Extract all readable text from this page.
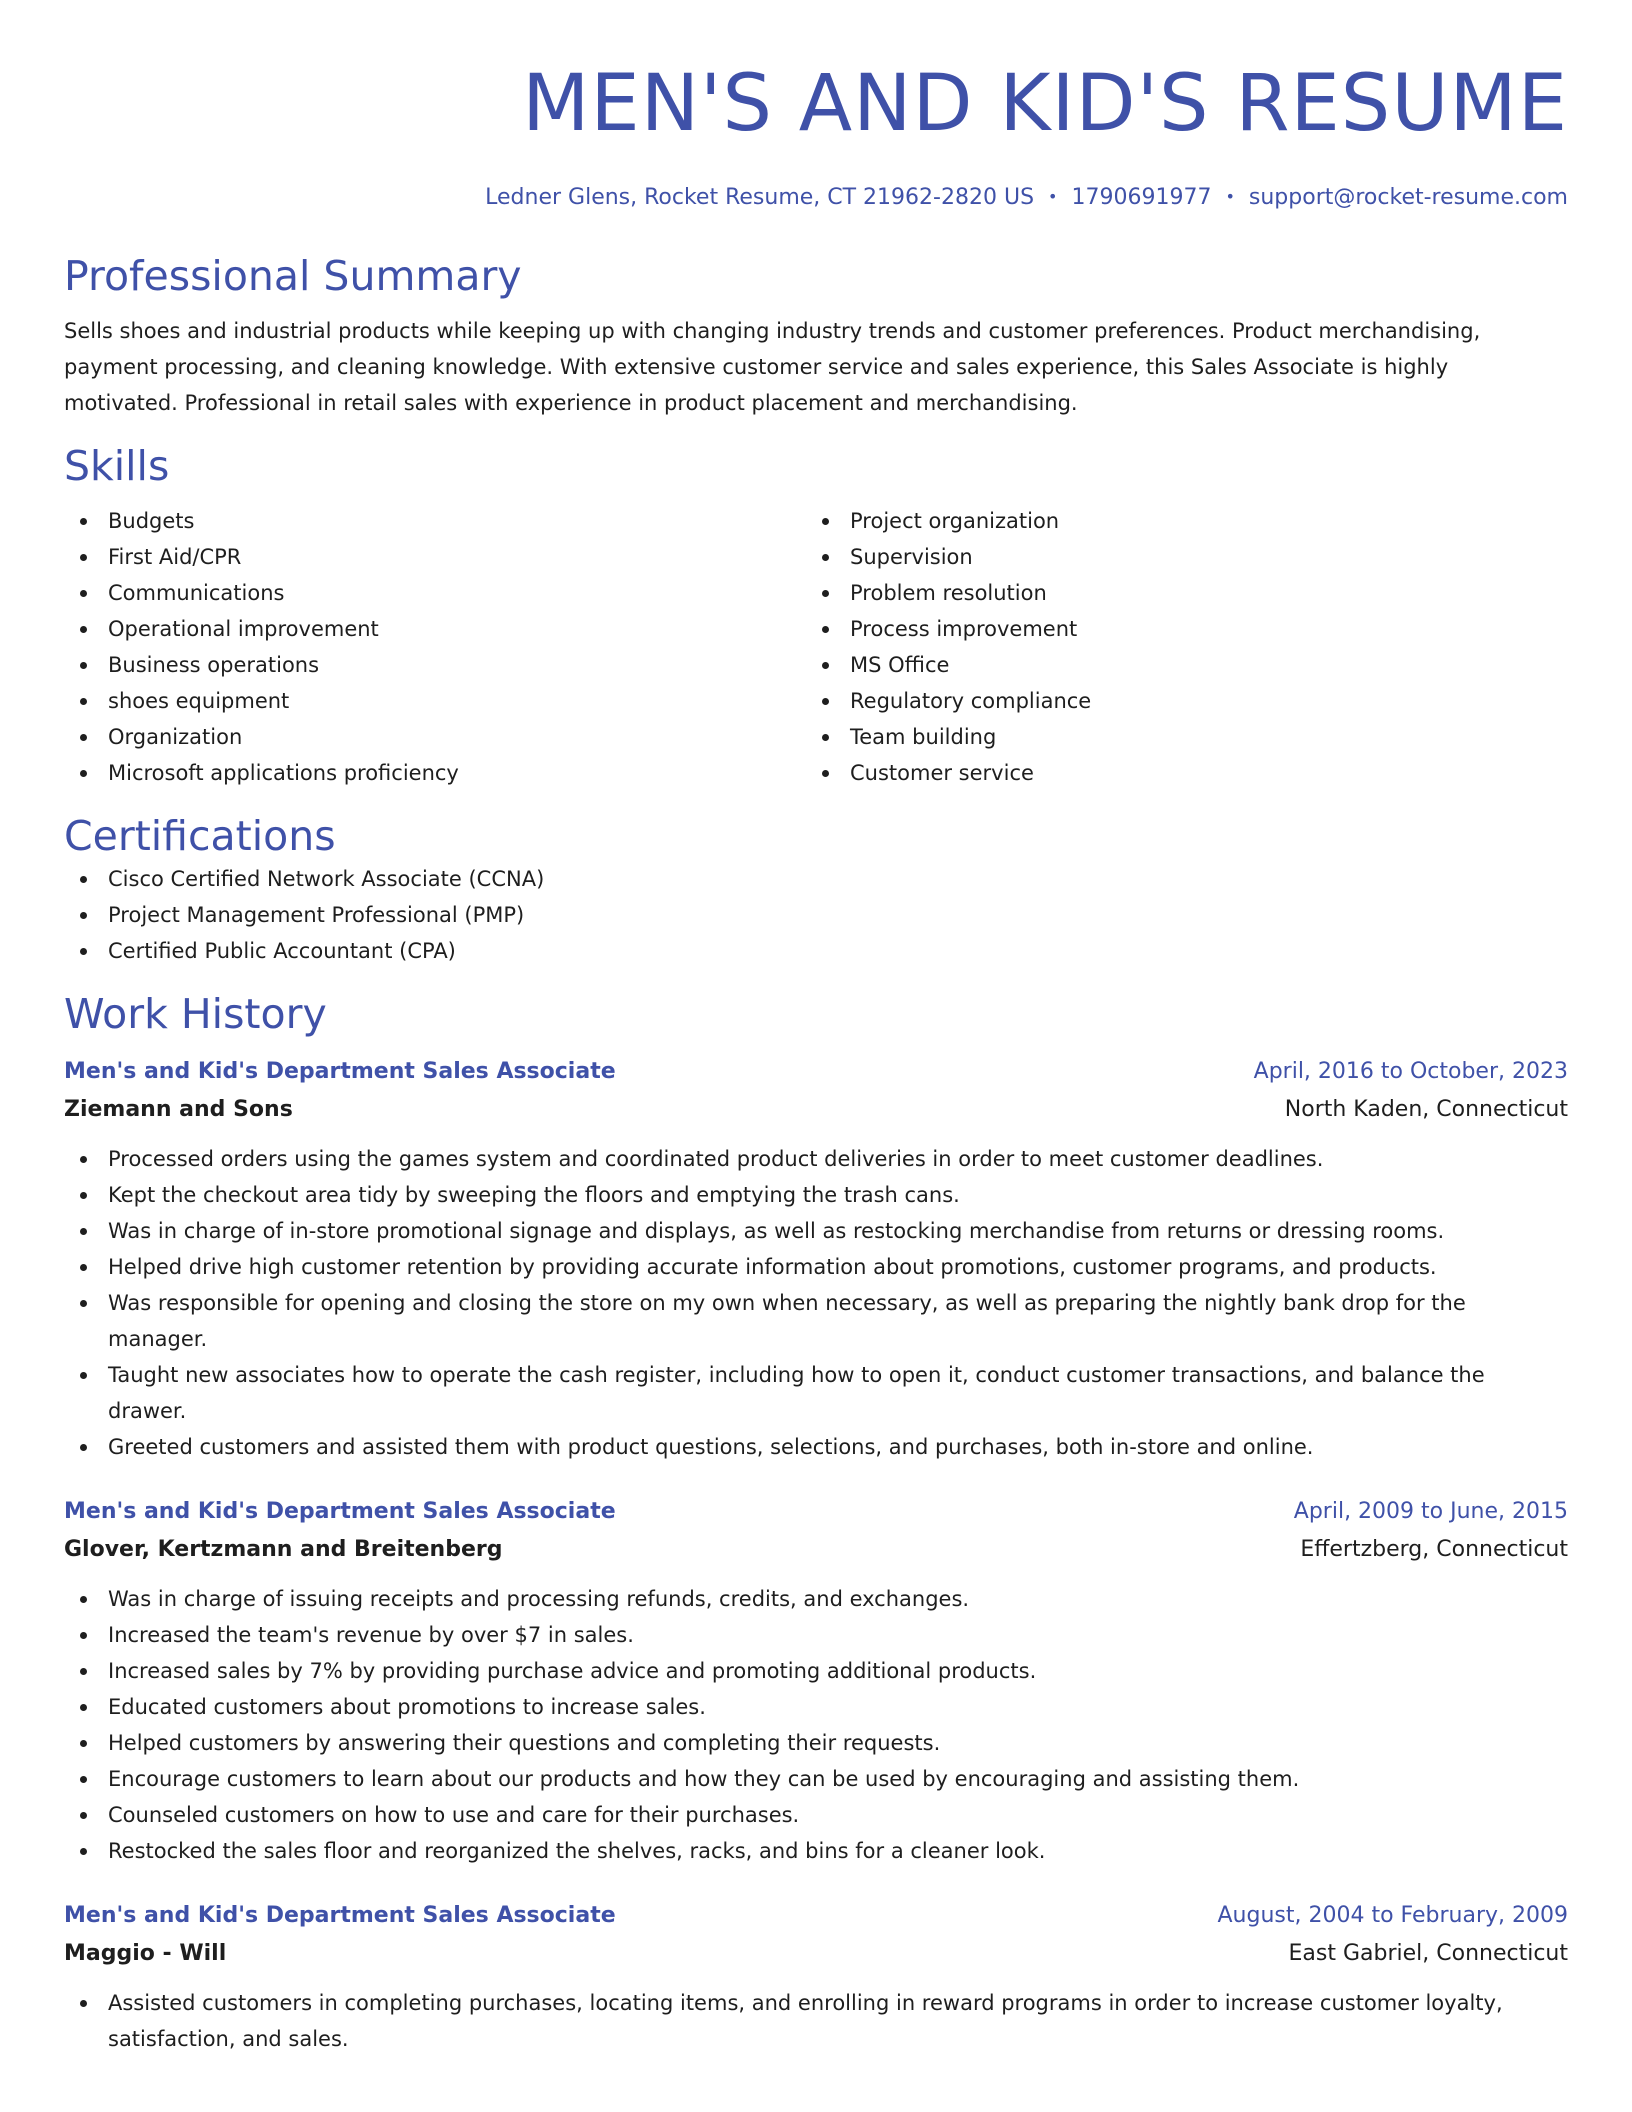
MEN'S AND KID'S RESUME
Ledner Glens, Rocket Resume, CT 21962-2820 US • 1790691977 • support@rocket-resume.com
Professional Summary

Sells shoes and industrial products while keeping up with changing industry trends and customer preferences. Product merchandising, payment processing, and cleaning knowledge. With extensive customer service and sales experience, this Sales Associate is highly motivated. Professional in retail sales with experience in product placement and merchandising.

Skills
Budgets
First Aid/CPR
Communications
Operational improvement
Business operations
shoes equipment
Organization
Microsoft applications proficiency
Project organization
Supervision
Problem resolution
Process improvement
MS Office
Regulatory compliance
Team building
Customer service
Certifications
Cisco Certified Network Associate (CCNA)
Project Management Professional (PMP)
Certified Public Accountant (CPA)
Work History
Men's and Kid's Department Sales Associate	April, 2016 to October, 2023
Ziemann and Sons	North Kaden, Connecticut
Processed orders using the games system and coordinated product deliveries in order to meet customer deadlines.
Kept the checkout area tidy by sweeping the floors and emptying the trash cans.
Was in charge of in-store promotional signage and displays, as well as restocking merchandise from returns or dressing rooms.
Helped drive high customer retention by providing accurate information about promotions, customer programs, and products.
Was responsible for opening and closing the store on my own when necessary, as well as preparing the nightly bank drop for the manager.
Taught new associates how to operate the cash register, including how to open it, conduct customer transactions, and balance the drawer.
Greeted customers and assisted them with product questions, selections, and purchases, both in-store and online.
Men's and Kid's Department Sales Associate	April, 2009 to June, 2015
Glover, Kertzmann and Breitenberg	Effertzberg, Connecticut
Was in charge of issuing receipts and processing refunds, credits, and exchanges.
Increased the team's revenue by over $7 in sales.
Increased sales by 7% by providing purchase advice and promoting additional products.
Educated customers about promotions to increase sales.
Helped customers by answering their questions and completing their requests.
Encourage customers to learn about our products and how they can be used by encouraging and assisting them.
Counseled customers on how to use and care for their purchases.
Restocked the sales floor and reorganized the shelves, racks, and bins for a cleaner look.
Men's and Kid's Department Sales Associate	August, 2004 to February, 2009
Maggio - Will	East Gabriel, Connecticut
Assisted customers in completing purchases, locating items, and enrolling in reward programs in order to increase customer loyalty, satisfaction, and sales.
